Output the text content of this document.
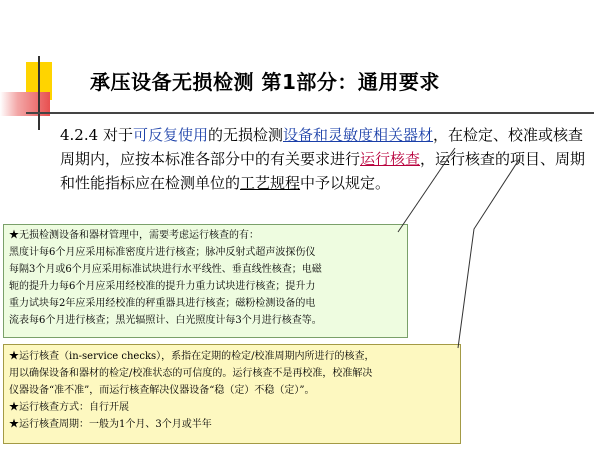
承压设备无损检测 第1部分：通用要求
4.2.4 对于可反复使用的无损检测设备和灵敏度相关器材，在检定、校准或核查周期内，应按本标准各部分中的有关要求进行运行核查，运行核查的项目、周期和性能指标应在检测单位的工艺规程中予以规定。

★无损检测设备和器材管理中，需要考虑运行核查的有：

黑度计每6个月应采用标准密度片进行核查；脉冲反射式超声波探伤仪

每隔3个月或6个月应采用标准试块进行水平线性、垂直线性核查；电磁

轭的提升力每6个月应采用经校准的提升力重力试块进行核查；提升力

重力试块每2年应采用经校准的秤重器具进行核查；磁粉检测设备的电

流表每6个月进行核查；黑光辐照计、白光照度计每3个月进行核查等。

★运行核查（in-service checks），系指在定期的检定/校准周期内所进行的核查，

用以确保设备和器材的检定/校准状态的可信度的。运行核查不是再校准，校准解决

仪器设备“准不准”，而运行核查解决仪器设备“稳（定）不稳（定）”。

★运行核查方式：自行开展

★运行核查周期：一般为1个月、3个月或半年
